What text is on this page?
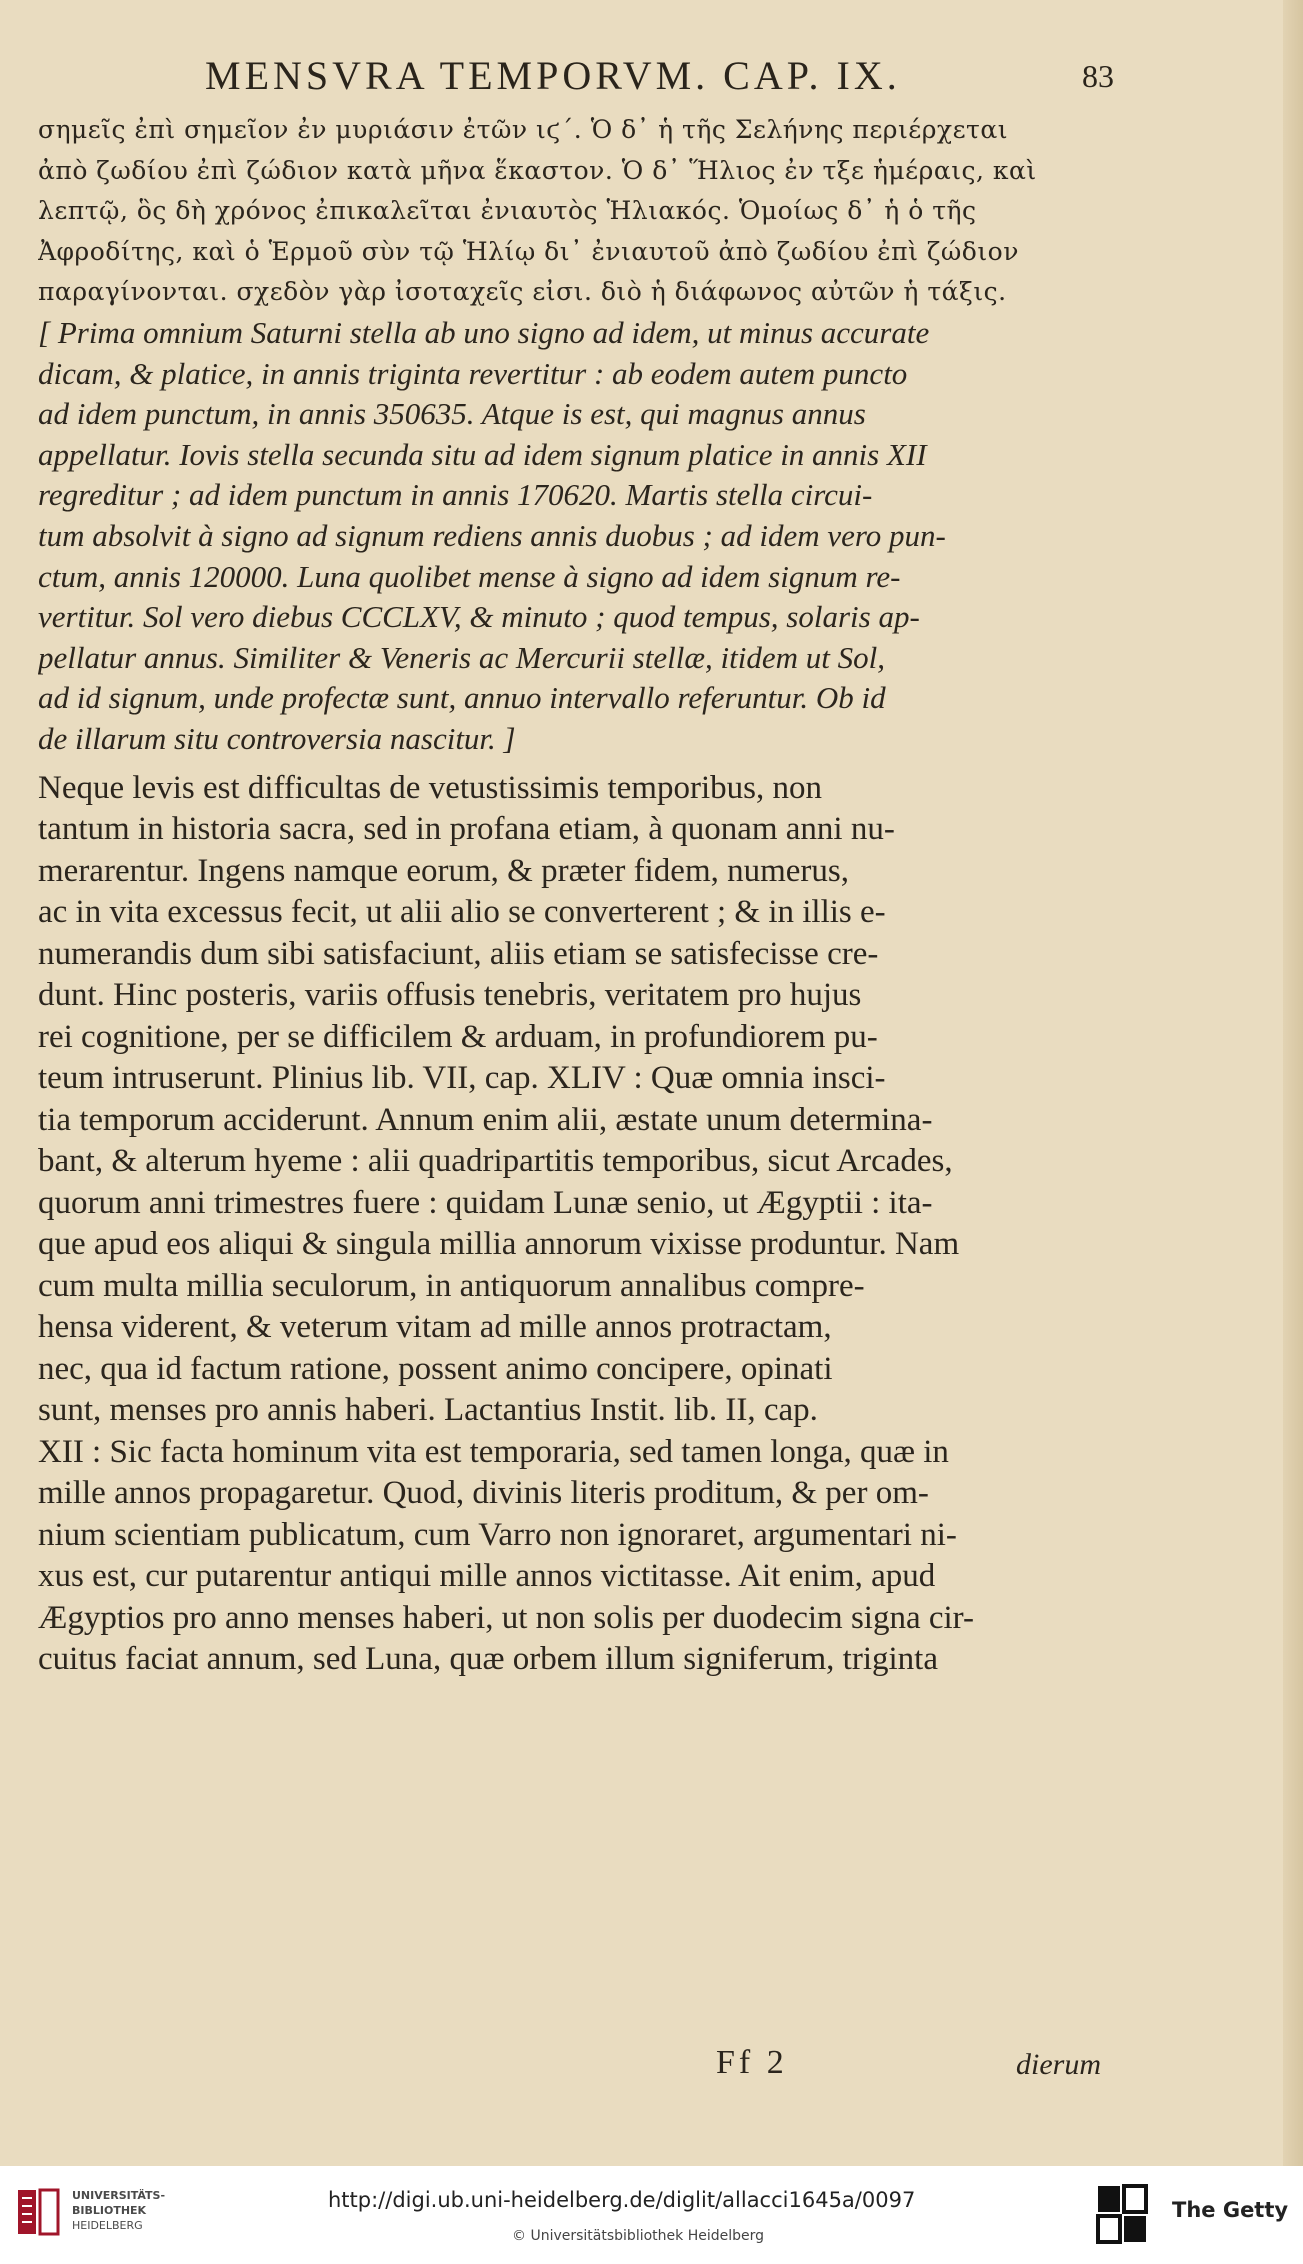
MENSVRA TEMPORVM. CAP. IX.	83
σημεῖς ἐπὶ σημεῖον ἐν μυριάσιν ἐτῶν ιϛ΄. Ὁ δ᾽ ἡ τῆς Σελήνης περιέρχεται
ἀπὸ ζωδίου ἐπὶ ζώδιον κατὰ μῆνα ἕκαστον. Ὁ δ᾽ Ἥλιος ἐν τξε ἡμέραις, καὶ
λεπτῷ, ὃς δὴ χρόνος ἐπικαλεῖται ἐνιαυτὸς Ἡλιακός. Ὁμοίως δ᾽ ἡ ὁ τῆς
Ἀφροδίτης, καὶ ὁ Ἑρμοῦ σὺν τῷ Ἡλίῳ δι᾽ ἐνιαυτοῦ ἀπὸ ζωδίου ἐπὶ ζώδιον
παραγίνονται. σχεδὸν γὰρ ἰσοταχεῖς εἰσι. διὸ ἡ διάφωνος αὐτῶν ἡ τάξις.
[ Prima omnium Saturni stella ab uno signo ad idem, ut minus accurate
dicam, & platice, in annis triginta revertitur : ab eodem autem puncto
ad idem punctum, in annis 350635. Atque is est, qui magnus annus
appellatur. Iovis stella secunda situ ad idem signum platice in annis XII
regreditur ; ad idem punctum in annis 170620. Martis stella circui-
tum absolvit à signo ad signum rediens annis duobus ; ad idem vero pun-
ctum, annis 120000. Luna quolibet mense à signo ad idem signum re-
vertitur. Sol vero diebus CCCLXV, & minuto ; quod tempus, solaris ap-
pellatur annus. Similiter & Veneris ac Mercurii stellæ, itidem ut Sol,
ad id signum, unde profectæ sunt, annuo intervallo referuntur. Ob id
de illarum situ controversia nascitur. ]
Neque levis est difficultas de vetustissimis temporibus, non
tantum in historia sacra, sed in profana etiam, à quonam anni nu-
merarentur. Ingens namque eorum, & præter fidem, numerus,
ac in vita excessus fecit, ut alii alio se converterent ; & in illis e-
numerandis dum sibi satisfaciunt, aliis etiam se satisfecisse cre-
dunt. Hinc posteris, variis offusis tenebris, veritatem pro hujus
rei cognitione, per se difficilem & arduam, in profundiorem pu-
teum intruserunt. Plinius lib. VII, cap. XLIV : Quæ omnia insci-
tia temporum acciderunt. Annum enim alii, æstate unum determina-
bant, & alterum hyeme : alii quadripartitis temporibus, sicut Arcades,
quorum anni trimestres fuere : quidam Lunæ senio, ut Ægyptii : ita-
que apud eos aliqui & singula millia annorum vixisse produntur. Nam
cum multa millia seculorum, in antiquorum annalibus compre-
hensa viderent, & veterum vitam ad mille annos protractam,
nec, qua id factum ratione, possent animo concipere, opinati
sunt, menses pro annis haberi. Lactantius Instit. lib. II, cap.
XII : Sic facta hominum vita est temporaria, sed tamen longa, quæ in
mille annos propagaretur. Quod, divinis literis proditum, & per om-
nium scientiam publicatum, cum Varro non ignoraret, argumentari ni-
xus est, cur putarentur antiqui mille annos victitasse. Ait enim, apud
Ægyptios pro anno menses haberi, ut non solis per duodecim signa cir-
cuitus faciat annum, sed Luna, quæ orbem illum signiferum, triginta
Ff 2	dierum
UNIVERSITÄTS-
BIBLIOTHEK
HEIDELBERG
http://digi.ub.uni-heidelberg.de/diglit/allacci1645a/0097
© Universitätsbibliothek Heidelberg
The Getty
